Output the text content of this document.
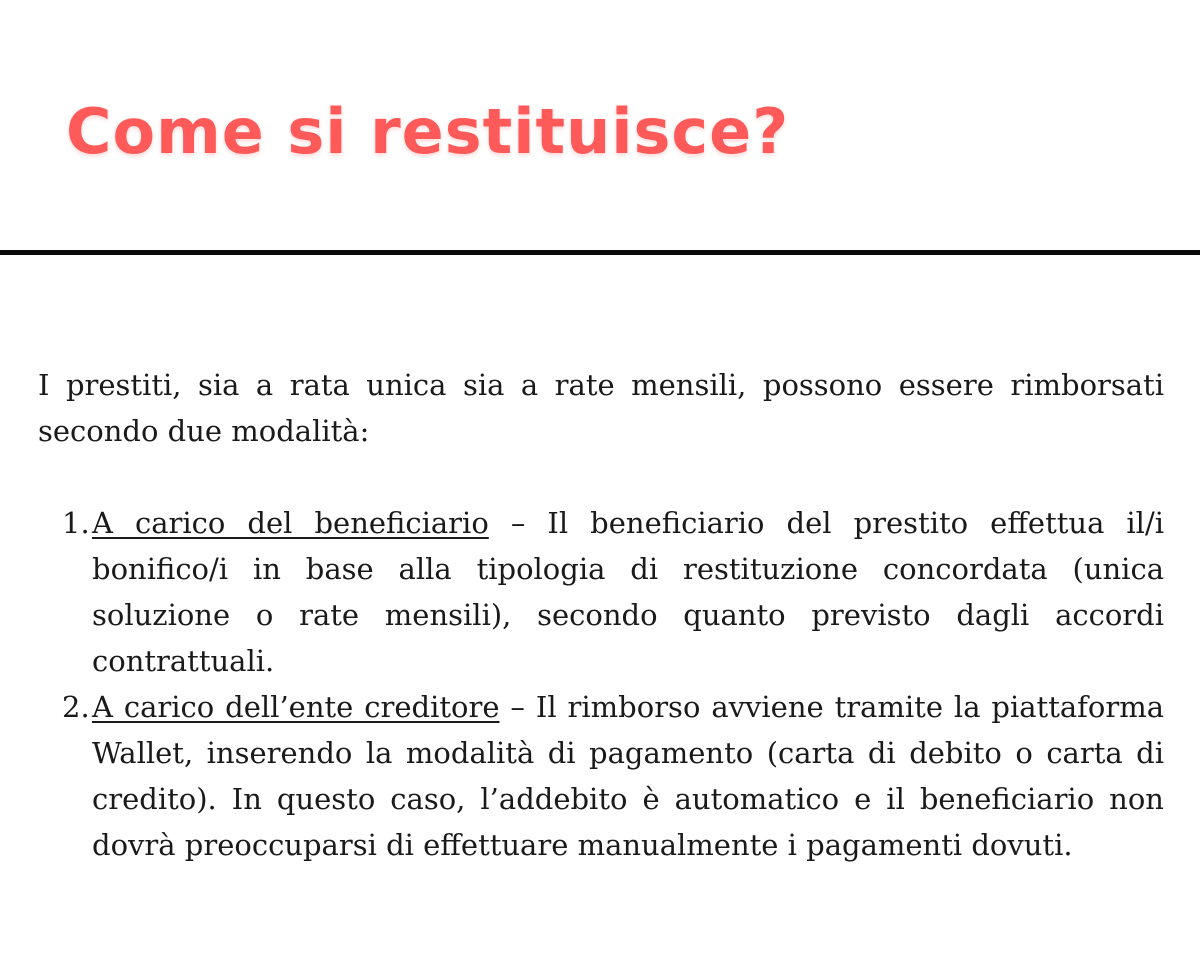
Come si restituisce?

I prestiti, sia a rata unica sia a rate mensili, possono essere rimborsati secondo due modalità:

1. A carico del beneficiario – Il beneficiario del prestito effettua il/i bonifico/i in base alla tipologia di restituzione concordata (unica soluzione o rate mensili), secondo quanto previsto dagli accordi contrattuali.
2. A carico dell’ente creditore – Il rimborso avviene tramite la piattaforma Wallet, inserendo la modalità di pagamento (carta di debito o carta di credito). In questo caso, l’addebito è automatico e il beneficiario non dovrà preoccuparsi di effettuare manualmente i pagamenti dovuti.
